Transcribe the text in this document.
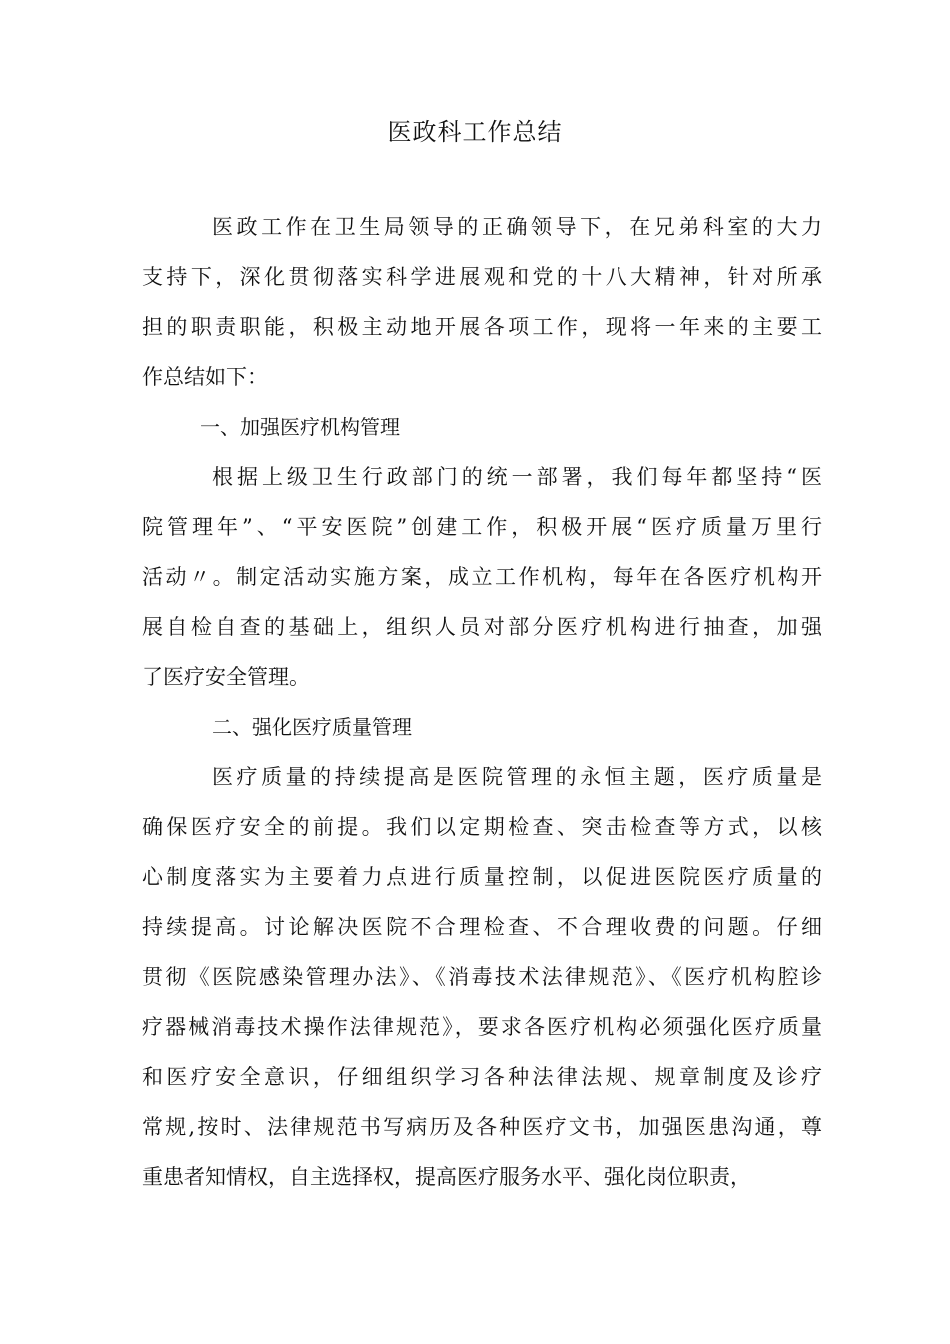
医政科工作总结
医政工作在卫生局领导的正确领导下，在兄弟科室的大力
支持下，深化贯彻落实科学进展观和党的十八大精神，针对所承
担的职责职能，积极主动地开展各项工作，现将一年来的主要工
作总结如下：
一、加强医疗机构管理
根据上级卫生行政部门的统一部署，我们每年都坚持“医
院管理年”、“平安医院”创建工作，积极开展“医疗质量万里行
活动〃。制定活动实施方案，成立工作机构，每年在各医疗机构开
展自检自查的基础上，组织人员对部分医疗机构进行抽查，加强
了医疗安全管理。
二、强化医疗质量管理
医疗质量的持续提高是医院管理的永恒主题，医疗质量是
确保医疗安全的前提。我们以定期检查、突击检查等方式，以核
心制度落实为主要着力点进行质量控制，以促进医院医疗质量的
持续提高。讨论解决医院不合理检查、不合理收费的问题。仔细
贯彻《医院感染管理办法》、《消毒技术法律规范》、《医疗机构腔诊
疗器械消毒技术操作法律规范》，要求各医疗机构必须强化医疗质量
和医疗安全意识，仔细组织学习各种法律法规、规章制度及诊疗
常规,按时、法律规范书写病历及各种医疗文书，加强医患沟通，尊
重患者知情权，自主选择权，提高医疗服务水平、强化岗位职责，
